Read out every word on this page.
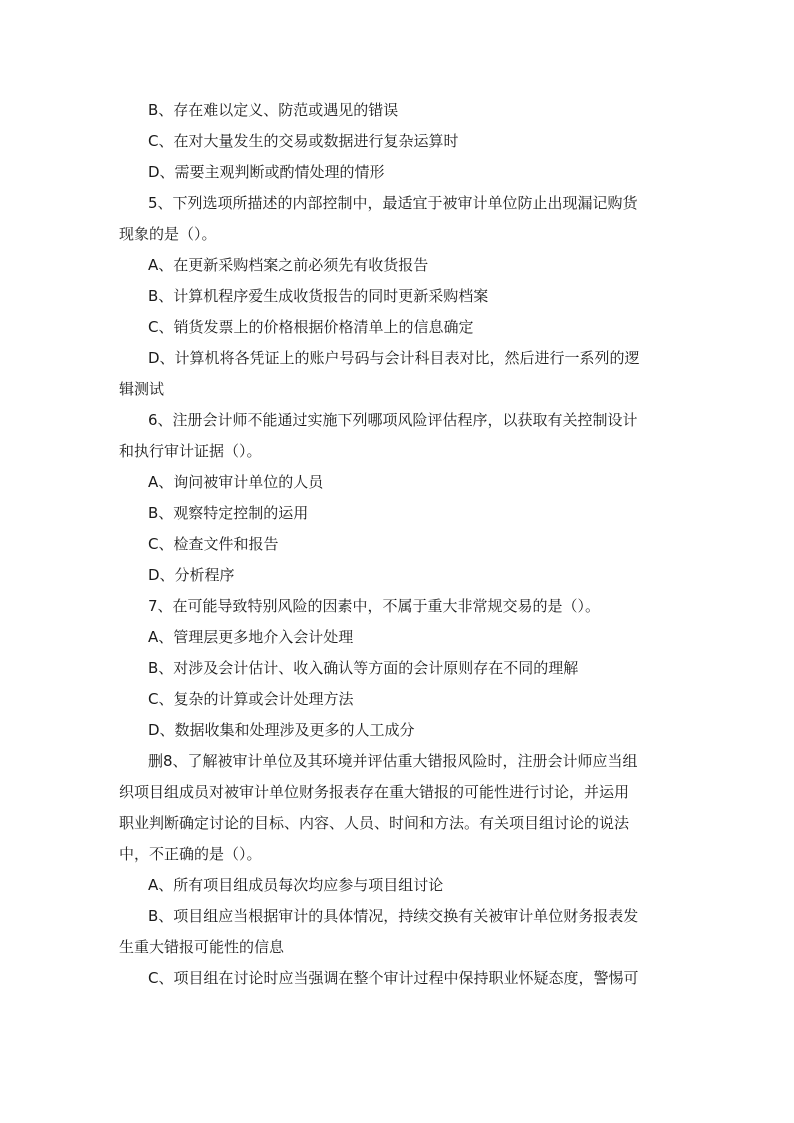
B、存在难以定义、防范或遇见的错误

C、在对大量发生的交易或数据进行复杂运算时

D、需要主观判断或酌情处理的情形

5、下列选项所描述的内部控制中，最适宜于被审计单位防止出现漏记购货

现象的是（）。

A、在更新采购档案之前必须先有收货报告

B、计算机程序爱生成收货报告的同时更新采购档案

C、销货发票上的价格根据价格清单上的信息确定

D、计算机将各凭证上的账户号码与会计科目表对比，然后进行一系列的逻

辑测试

6、注册会计师不能通过实施下列哪项风险评估程序，以获取有关控制设计

和执行审计证据（）。

A、询问被审计单位的人员

B、观察特定控制的运用

C、检查文件和报告

D、分析程序

7、在可能导致特别风险的因素中，不属于重大非常规交易的是（）。

A、管理层更多地介入会计处理

B、对涉及会计估计、收入确认等方面的会计原则存在不同的理解

C、复杂的计算或会计处理方法

D、数据收集和处理涉及更多的人工成分

删8、了解被审计单位及其环境并评估重大错报风险时，注册会计师应当组

织项目组成员对被审计单位财务报表存在重大错报的可能性进行讨论，并运用

职业判断确定讨论的目标、内容、人员、时间和方法。有关项目组讨论的说法

中，不正确的是（）。

A、所有项目组成员每次均应参与项目组讨论

B、项目组应当根据审计的具体情况，持续交换有关被审计单位财务报表发

生重大错报可能性的信息

C、项目组在讨论时应当强调在整个审计过程中保持职业怀疑态度，警惕可
